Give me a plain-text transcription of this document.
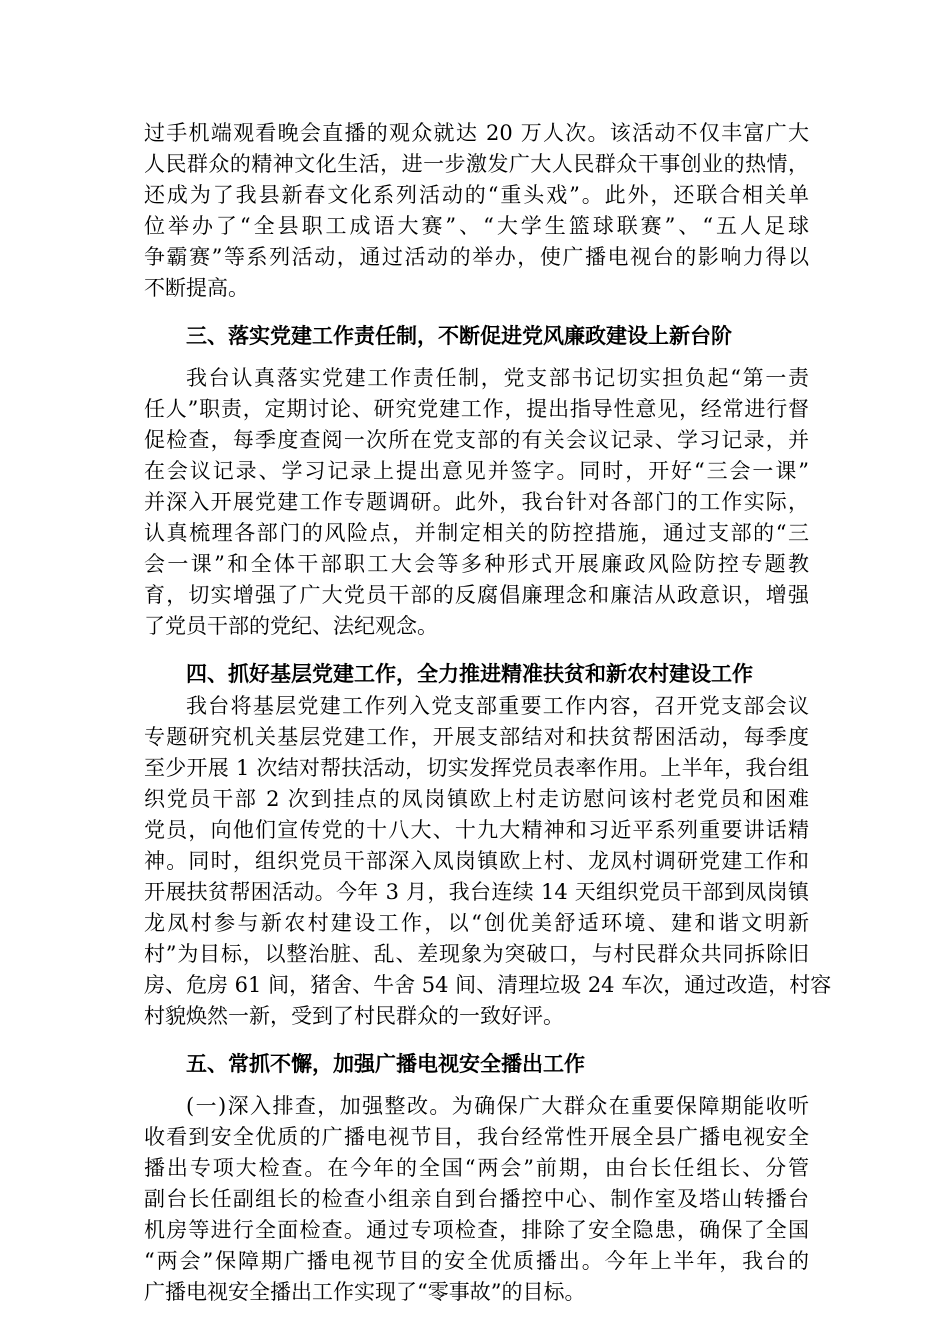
过手机端观看晚会直播的观众就达 20 万人次。该活动不仅丰富广大
人民群众的精神文化生活，进一步激发广大人民群众干事创业的热情，
还成为了我县新春文化系列活动的“重头戏”。此外，还联合相关单
位举办了“全县职工成语大赛”、“大学生篮球联赛”、“五人足球
争霸赛”等系列活动，通过活动的举办，使广播电视台的影响力得以
不断提高。
三、落实党建工作责任制，不断促进党风廉政建设上新台阶
我台认真落实党建工作责任制，党支部书记切实担负起“第一责
任人”职责，定期讨论、研究党建工作，提出指导性意见，经常进行督
促检查，每季度查阅一次所在党支部的有关会议记录、学习记录，并
在会议记录、学习记录上提出意见并签字。同时，开好“三会一课”
并深入开展党建工作专题调研。此外，我台针对各部门的工作实际，
认真梳理各部门的风险点，并制定相关的防控措施，通过支部的“三
会一课”和全体干部职工大会等多种形式开展廉政风险防控专题教
育，切实增强了广大党员干部的反腐倡廉理念和廉洁从政意识，增强
了党员干部的党纪、法纪观念。
四、抓好基层党建工作，全力推进精准扶贫和新农村建设工作
我台将基层党建工作列入党支部重要工作内容，召开党支部会议
专题研究机关基层党建工作，开展支部结对和扶贫帮困活动，每季度
至少开展 1 次结对帮扶活动，切实发挥党员表率作用。上半年，我台组
织党员干部 2 次到挂点的凤岗镇欧上村走访慰问该村老党员和困难
党员，向他们宣传党的十八大、十九大精神和习近平系列重要讲话精
神。同时，组织党员干部深入凤岗镇欧上村、龙凤村调研党建工作和
开展扶贫帮困活动。今年 3 月，我台连续 14 天组织党员干部到凤岗镇
龙凤村参与新农村建设工作，以“创优美舒适环境、建和谐文明新
村”为目标，以整治脏、乱、差现象为突破口，与村民群众共同拆除旧
房、危房 61 间，猪舍、牛舍 54 间、清理垃圾 24 车次，通过改造，村容
村貌焕然一新，受到了村民群众的一致好评。
五、常抓不懈，加强广播电视安全播出工作
(一)深入排查，加强整改。为确保广大群众在重要保障期能收听
收看到安全优质的广播电视节目，我台经常性开展全县广播电视安全
播出专项大检查。在今年的全国“两会”前期，由台长任组长、分管
副台长任副组长的检查小组亲自到台播控中心、制作室及塔山转播台
机房等进行全面检查。通过专项检查，排除了安全隐患，确保了全国
“两会”保障期广播电视节目的安全优质播出。今年上半年，我台的
广播电视安全播出工作实现了“零事故”的目标。
